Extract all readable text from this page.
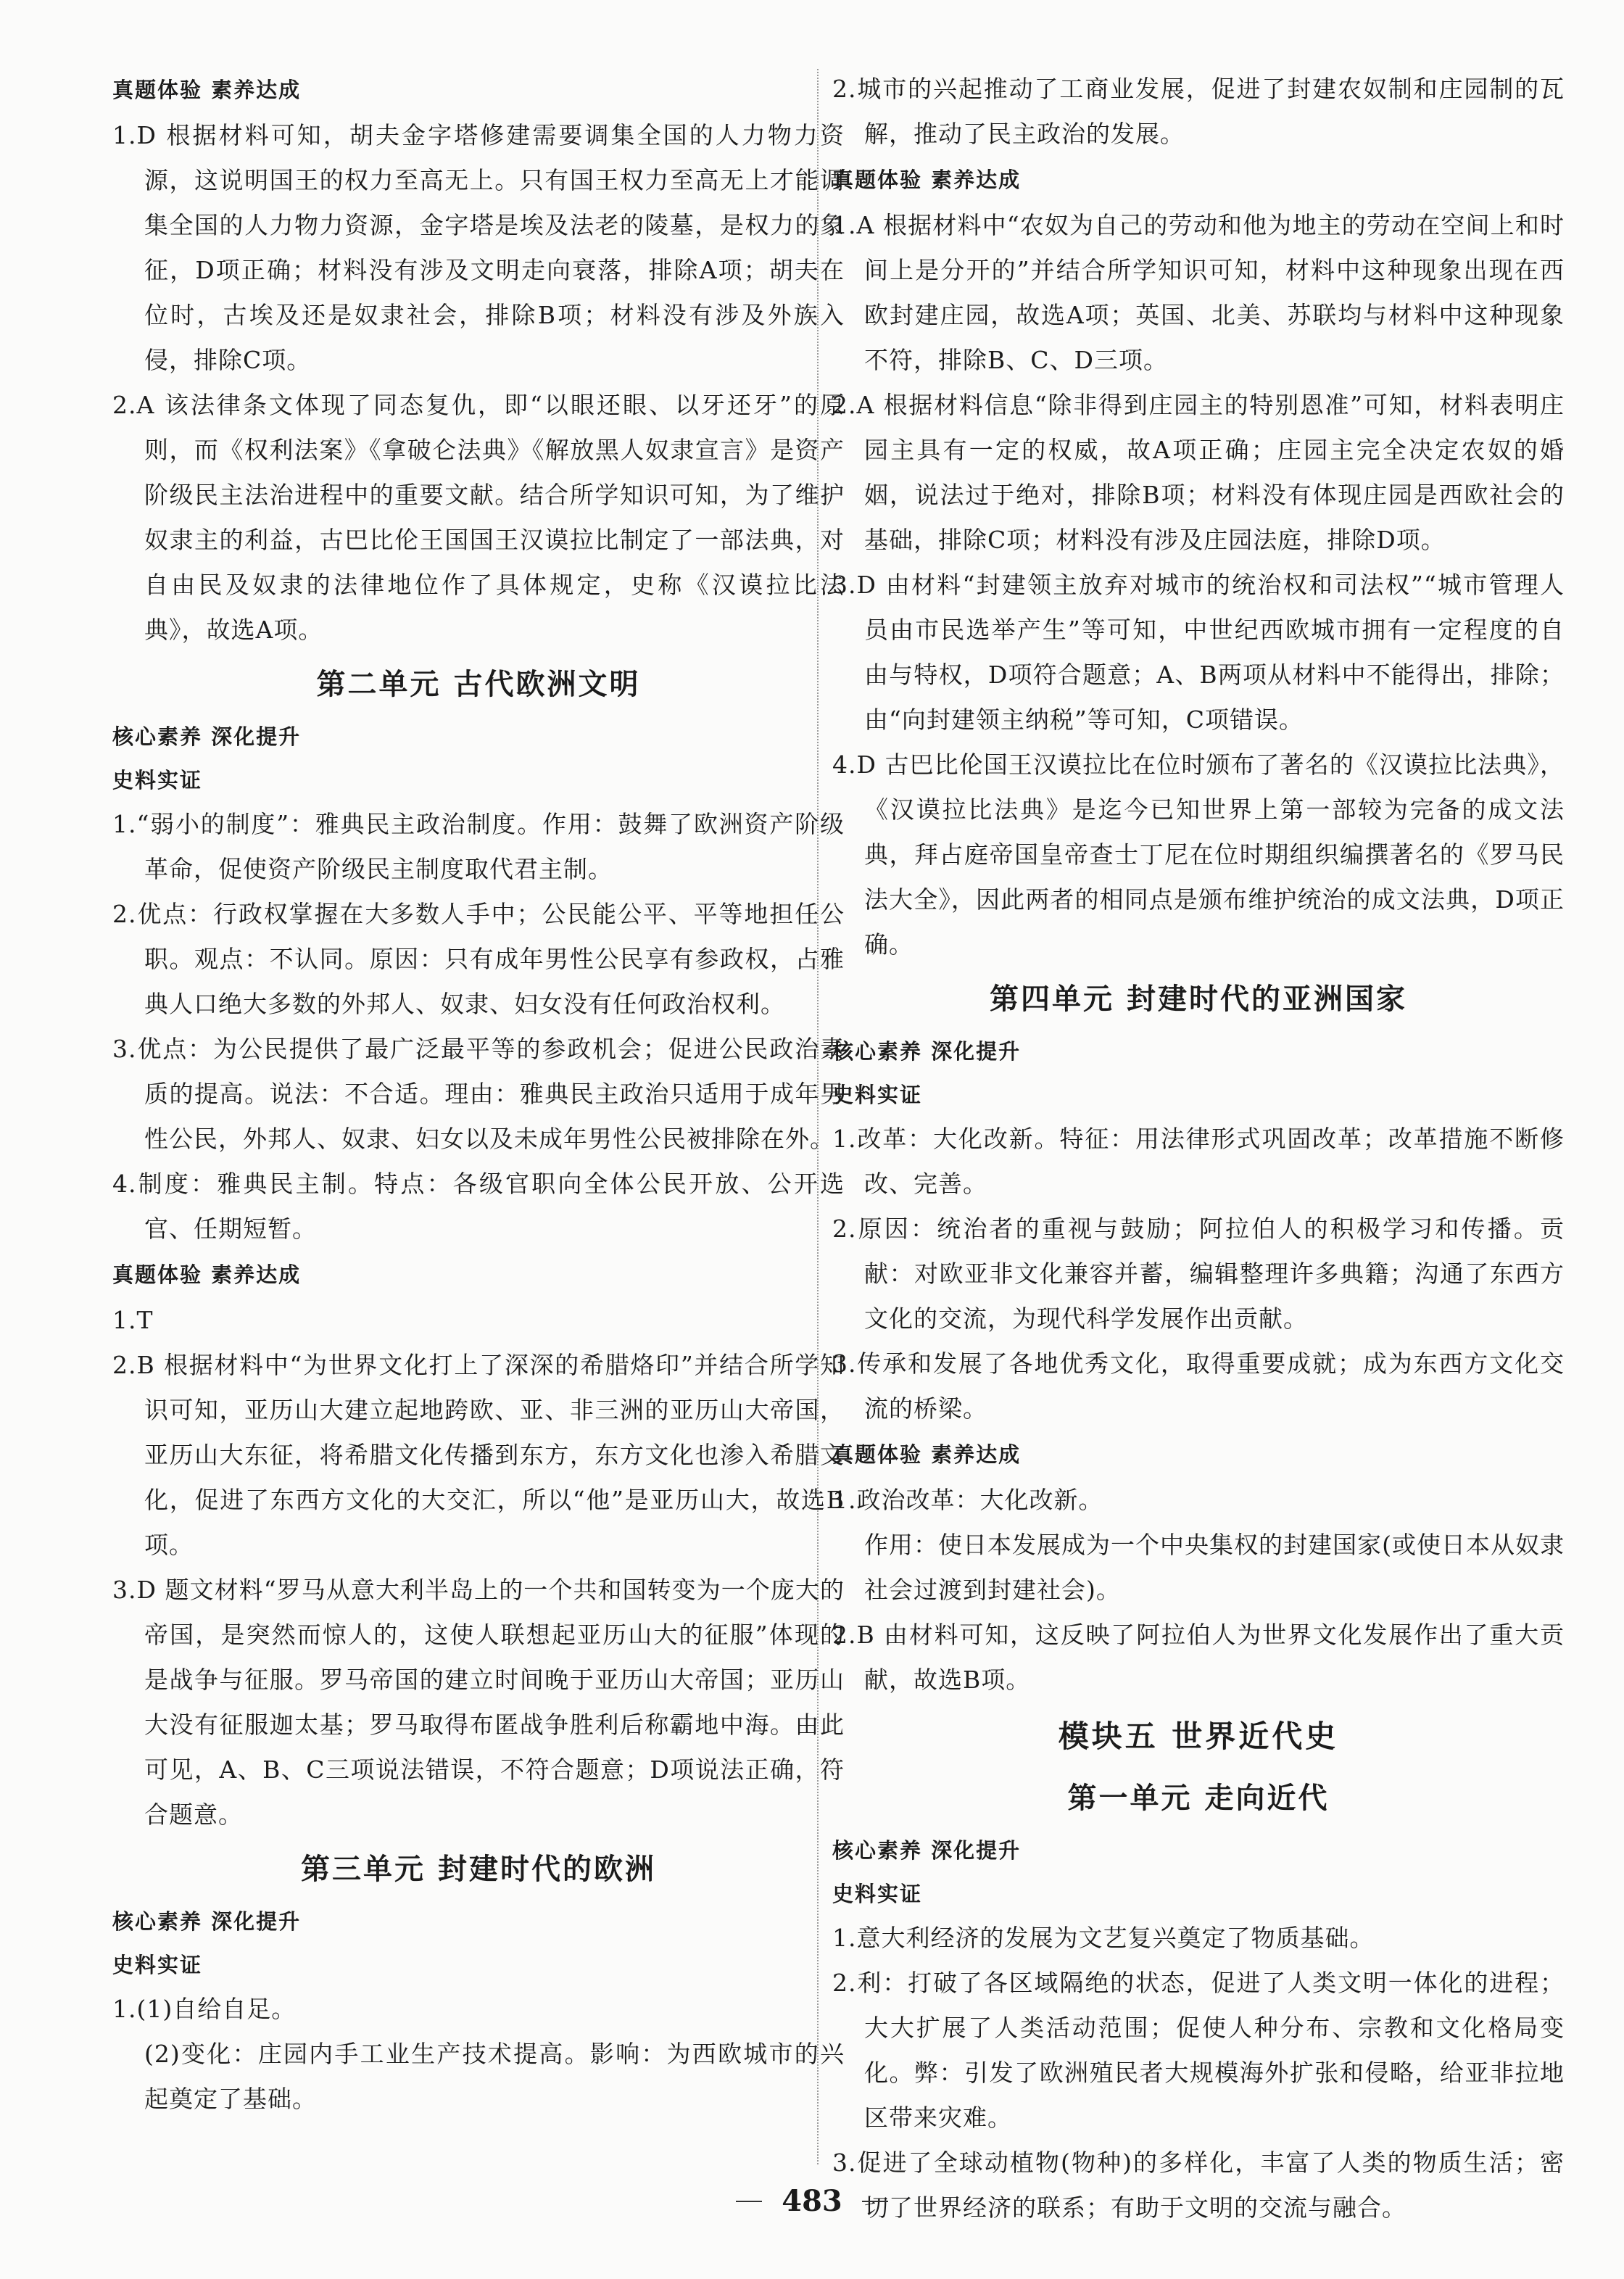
真题体验 素养达成

1.D 根据材料可知，胡夫金字塔修建需要调集全国的人力物力资源，这说明国王的权力至高无上。只有国王权力至高无上才能调集全国的人力物力资源，金字塔是埃及法老的陵墓，是权力的象征，D项正确；材料没有涉及文明走向衰落，排除A项；胡夫在位时，古埃及还是奴隶社会，排除B项；材料没有涉及外族入侵，排除C项。

2.A 该法律条文体现了同态复仇，即“以眼还眼、以牙还牙”的原则，而《权利法案》《拿破仑法典》《解放黑人奴隶宣言》是资产阶级民主法治进程中的重要文献。结合所学知识可知，为了维护奴隶主的利益，古巴比伦王国国王汉谟拉比制定了一部法典，对自由民及奴隶的法律地位作了具体规定，史称《汉谟拉比法典》，故选A项。

第二单元 古代欧洲文明
核心素养 深化提升
史料实证

1.“弱小的制度”：雅典民主政治制度。作用：鼓舞了欧洲资产阶级革命，促使资产阶级民主制度取代君主制。

2.优点：行政权掌握在大多数人手中；公民能公平、平等地担任公职。观点：不认同。原因：只有成年男性公民享有参政权，占雅典人口绝大多数的外邦人、奴隶、妇女没有任何政治权利。

3.优点：为公民提供了最广泛最平等的参政机会；促进公民政治素质的提高。说法：不合适。理由：雅典民主政治只适用于成年男性公民，外邦人、奴隶、妇女以及未成年男性公民被排除在外。

4.制度：雅典民主制。特点：各级官职向全体公民开放、公开选官、任期短暂。

真题体验 素养达成

1.T

2.B 根据材料中“为世界文化打上了深深的希腊烙印”并结合所学知识可知，亚历山大建立起地跨欧、亚、非三洲的亚历山大帝国，亚历山大东征，将希腊文化传播到东方，东方文化也渗入希腊文化，促进了东西方文化的大交汇，所以“他”是亚历山大，故选B项。

3.D 题文材料“罗马从意大利半岛上的一个共和国转变为一个庞大的帝国，是突然而惊人的，这使人联想起亚历山大的征服”体现的是战争与征服。罗马帝国的建立时间晚于亚历山大帝国；亚历山大没有征服迦太基；罗马取得布匿战争胜利后称霸地中海。由此可见，A、B、C三项说法错误，不符合题意；D项说法正确，符合题意。

第三单元 封建时代的欧洲
核心素养 深化提升
史料实证

1.(1)自给自足。

(2)变化：庄园内手工业生产技术提高。影响：为西欧城市的兴起奠定了基础。

2.城市的兴起推动了工商业发展，促进了封建农奴制和庄园制的瓦解，推动了民主政治的发展。

真题体验 素养达成

1.A 根据材料中“农奴为自己的劳动和他为地主的劳动在空间上和时间上是分开的”并结合所学知识可知，材料中这种现象出现在西欧封建庄园，故选A项；英国、北美、苏联均与材料中这种现象不符，排除B、C、D三项。

2.A 根据材料信息“除非得到庄园主的特别恩准”可知，材料表明庄园主具有一定的权威，故A项正确；庄园主完全决定农奴的婚姻，说法过于绝对，排除B项；材料没有体现庄园是西欧社会的基础，排除C项；材料没有涉及庄园法庭，排除D项。

3.D 由材料“封建领主放弃对城市的统治权和司法权”“城市管理人员由市民选举产生”等可知，中世纪西欧城市拥有一定程度的自由与特权，D项符合题意；A、B两项从材料中不能得出，排除；由“向封建领主纳税”等可知，C项错误。

4.D 古巴比伦国王汉谟拉比在位时颁布了著名的《汉谟拉比法典》，《汉谟拉比法典》是迄今已知世界上第一部较为完备的成文法典，拜占庭帝国皇帝查士丁尼在位时期组织编撰著名的《罗马民法大全》，因此两者的相同点是颁布维护统治的成文法典，D项正确。

第四单元 封建时代的亚洲国家
核心素养 深化提升
史料实证

1.改革：大化改新。特征：用法律形式巩固改革；改革措施不断修改、完善。

2.原因：统治者的重视与鼓励；阿拉伯人的积极学习和传播。贡献：对欧亚非文化兼容并蓄，编辑整理许多典籍；沟通了东西方文化的交流，为现代科学发展作出贡献。

3.传承和发展了各地优秀文化，取得重要成就；成为东西方文化交流的桥梁。

真题体验 素养达成

1.政治改革：大化改新。

作用：使日本发展成为一个中央集权的封建国家(或使日本从奴隶社会过渡到封建社会)。

2.B 由材料可知，这反映了阿拉伯人为世界文化发展作出了重大贡献，故选B项。

模块五 世界近代史
第一单元 走向近代
核心素养 深化提升
史料实证

1.意大利经济的发展为文艺复兴奠定了物质基础。

2.利：打破了各区域隔绝的状态，促进了人类文明一体化的进程；大大扩展了人类活动范围；促使人种分布、宗教和文化格局变化。弊：引发了欧洲殖民者大规模海外扩张和侵略，给亚非拉地区带来灾难。

3.促进了全球动植物(物种)的多样化，丰富了人类的物质生活；密切了世界经济的联系；有助于文明的交流与融合。

483
